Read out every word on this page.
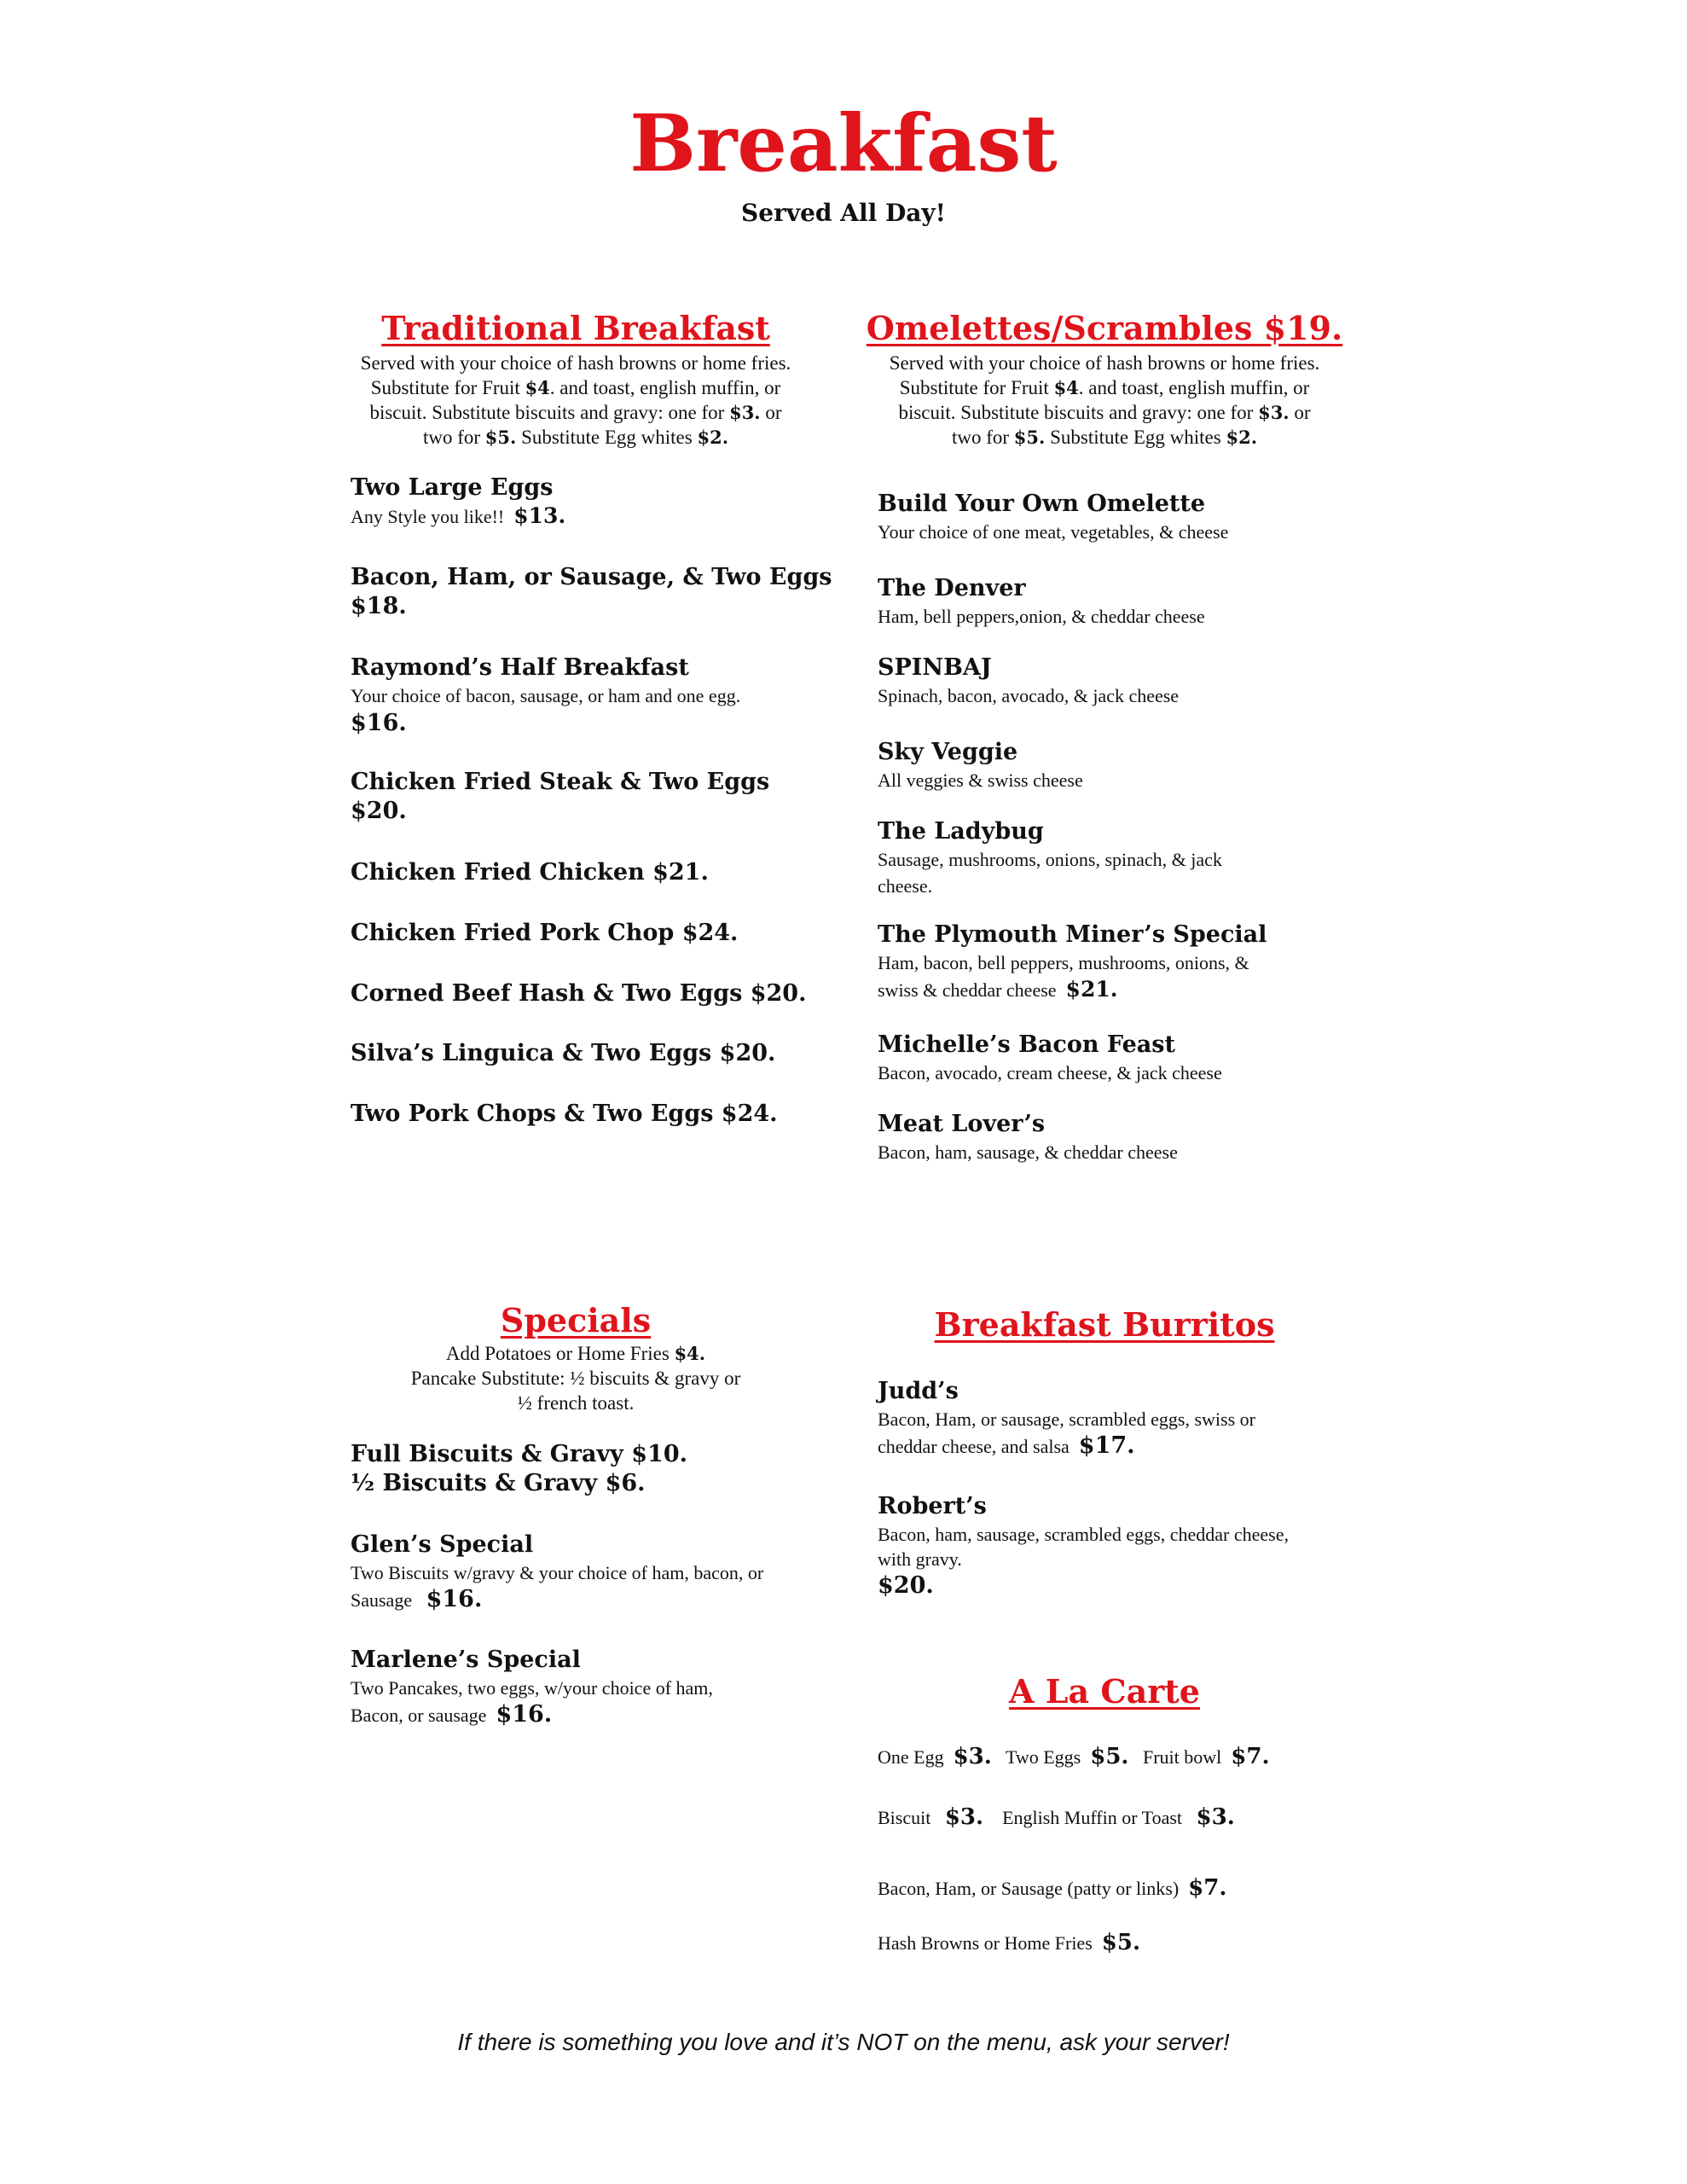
Breakfast
Served All Day!
Traditional Breakfast
Served with your choice of hash browns or home fries.
Substitute for Fruit $4. and toast, english muffin, or
biscuit. Substitute biscuits and gravy: one for $3. or
two for $5. Substitute Egg whites $2.
Two Large Eggs
Any Style you like!! $13.
Bacon, Ham, or Sausage, & Two Eggs
$18.
Raymond’s Half Breakfast
Your choice of bacon, sausage, or ham and one egg.
$16.
Chicken Fried Steak & Two Eggs
$20.
Chicken Fried Chicken $21.
Chicken Fried Pork Chop $24.
Corned Beef Hash & Two Eggs $20.
Silva’s Linguica & Two Eggs $20.
Two Pork Chops & Two Eggs $24.
Omelettes/Scrambles $19.
Served with your choice of hash browns or home fries.
Substitute for Fruit $4. and toast, english muffin, or
biscuit. Substitute biscuits and gravy: one for $3. or
two for $5. Substitute Egg whites $2.
Build Your Own Omelette
Your choice of one meat, vegetables, & cheese
The Denver
Ham, bell peppers,onion, & cheddar cheese
SPINBAJ
Spinach, bacon, avocado, & jack cheese
Sky Veggie
All veggies & swiss cheese
The Ladybug
Sausage, mushrooms, onions, spinach, & jack
cheese.
The Plymouth Miner’s Special
Ham, bacon, bell peppers, mushrooms, onions, &
swiss & cheddar cheese $21.
Michelle’s Bacon Feast
Bacon, avocado, cream cheese, & jack cheese
Meat Lover’s
Bacon, ham, sausage, & cheddar cheese
Specials
Add Potatoes or Home Fries $4.
Pancake Substitute: ½ biscuits & gravy or
½ french toast.
Full Biscuits & Gravy $10.
½ Biscuits & Gravy $6.
Glen’s Special
Two Biscuits w/gravy & your choice of ham, bacon, or
Sausage $16.
Marlene’s Special
Two Pancakes, two eggs, w/your choice of ham,
Bacon, or sausage $16.
Breakfast Burritos
Judd’s
Bacon, Ham, or sausage, scrambled eggs, swiss or
cheddar cheese, and salsa $17.
Robert’s
Bacon, ham, sausage, scrambled eggs, cheddar cheese,
with gravy.
$20.
A La Carte
One Egg $3. Two Eggs $5. Fruit bowl $7.
Biscuit $3. English Muffin or Toast $3.
Bacon, Ham, or Sausage (patty or links) $7.
Hash Browns or Home Fries $5.
If there is something you love and it’s NOT on the menu, ask your server!
